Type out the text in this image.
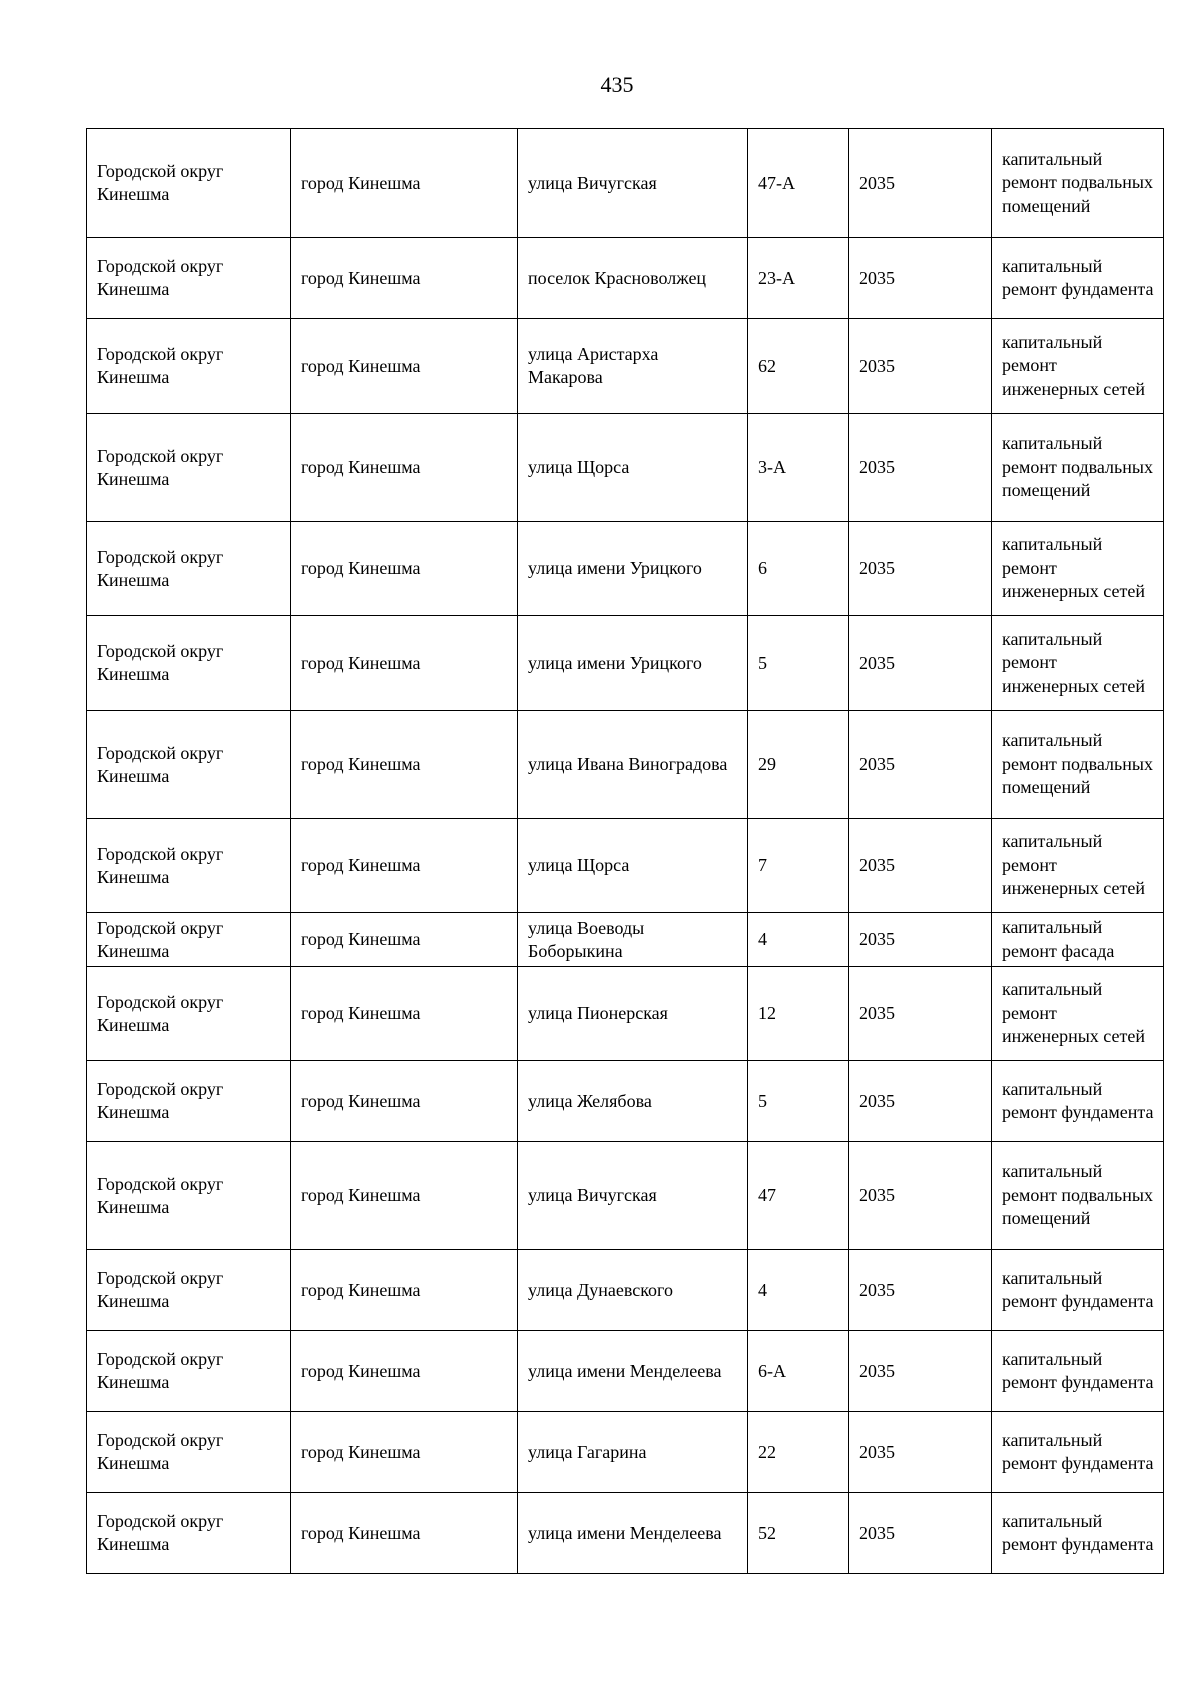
435
Городской округ Кинешма	город Кинешма	улица Вичугская	47-А	2035	капитальный ремонт подвальных помещений
Городской округ Кинешма	город Кинешма	поселок Красноволжец	23-А	2035	капитальный ремонт фундамента
Городской округ Кинешма	город Кинешма	улица Аристарха Макарова	62	2035	капитальный ремонт инженерных сетей
Городской округ Кинешма	город Кинешма	улица Щорса	3-А	2035	капитальный ремонт подвальных помещений
Городской округ Кинешма	город Кинешма	улица имени Урицкого	6	2035	капитальный ремонт инженерных сетей
Городской округ Кинешма	город Кинешма	улица имени Урицкого	5	2035	капитальный ремонт инженерных сетей
Городской округ Кинешма	город Кинешма	улица Ивана Виноградова	29	2035	капитальный ремонт подвальных помещений
Городской округ Кинешма	город Кинешма	улица Щорса	7	2035	капитальный ремонт инженерных сетей
Городской округ Кинешма	город Кинешма	улица Воеводы Боборыкина	4	2035	капитальный ремонт фасада
Городской округ Кинешма	город Кинешма	улица Пионерская	12	2035	капитальный ремонт инженерных сетей
Городской округ Кинешма	город Кинешма	улица Желябова	5	2035	капитальный ремонт фундамента
Городской округ Кинешма	город Кинешма	улица Вичугская	47	2035	капитальный ремонт подвальных помещений
Городской округ Кинешма	город Кинешма	улица Дунаевского	4	2035	капитальный ремонт фундамента
Городской округ Кинешма	город Кинешма	улица имени Менделеева	6-А	2035	капитальный ремонт фундамента
Городской округ Кинешма	город Кинешма	улица Гагарина	22	2035	капитальный ремонт фундамента
Городской округ Кинешма	город Кинешма	улица имени Менделеева	52	2035	капитальный ремонт фундамента
